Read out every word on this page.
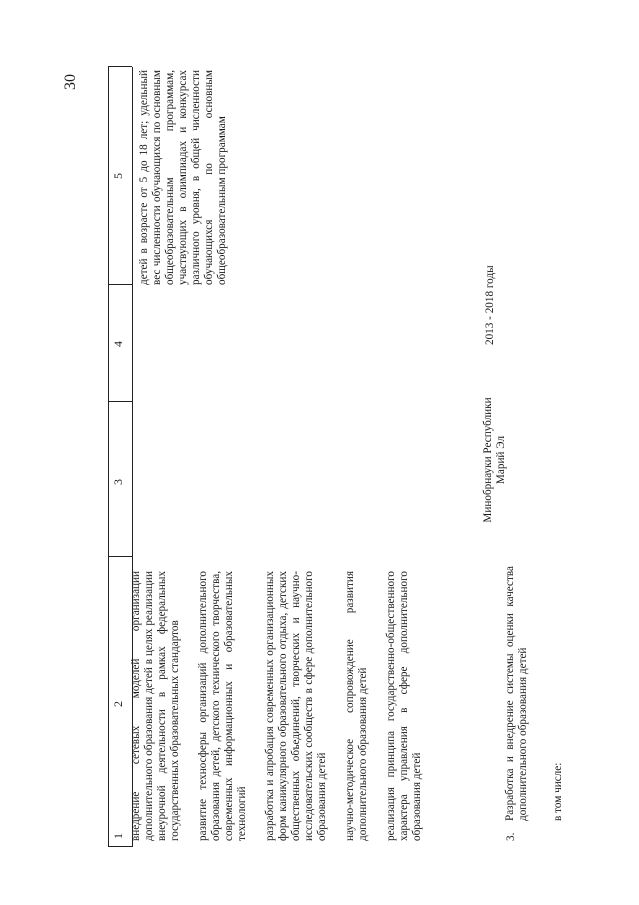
30
1
2
3
4
5

внедрение сетевых моделей организации дополнительного образования детей в целях реализации внеурочной деятельности в рамках федеральных государственных образовательных стандартов развитие техносферы организаций дополнительного образования детей, детского технического творчества, современных информационных и образовательных технологий разработка и апробация современных организационных форм каникулярного образовательного отдыха, детских общественных объединений, творческих и научно-исследовательских сообществ в сфере дополнительного образования детей научно-методическое сопровождение развития дополнительного образования детей реализация принципа государственно-общественного характера управления в сфере дополнительного образования детей	3.
Разработка и внедрение системы оценки качества дополнительного образования детей в том числе:
Минобрнауки Республики Марий Эл
2013 - 2018 годы
детей в возрасте от 5 до 18 лет; удельный вес численности обучающихся по основным общеобразовательным программам, участвующих в олимпиадах и конкурсах различного уровня, в общей численности обучающихся по основным общеобразовательным программам
